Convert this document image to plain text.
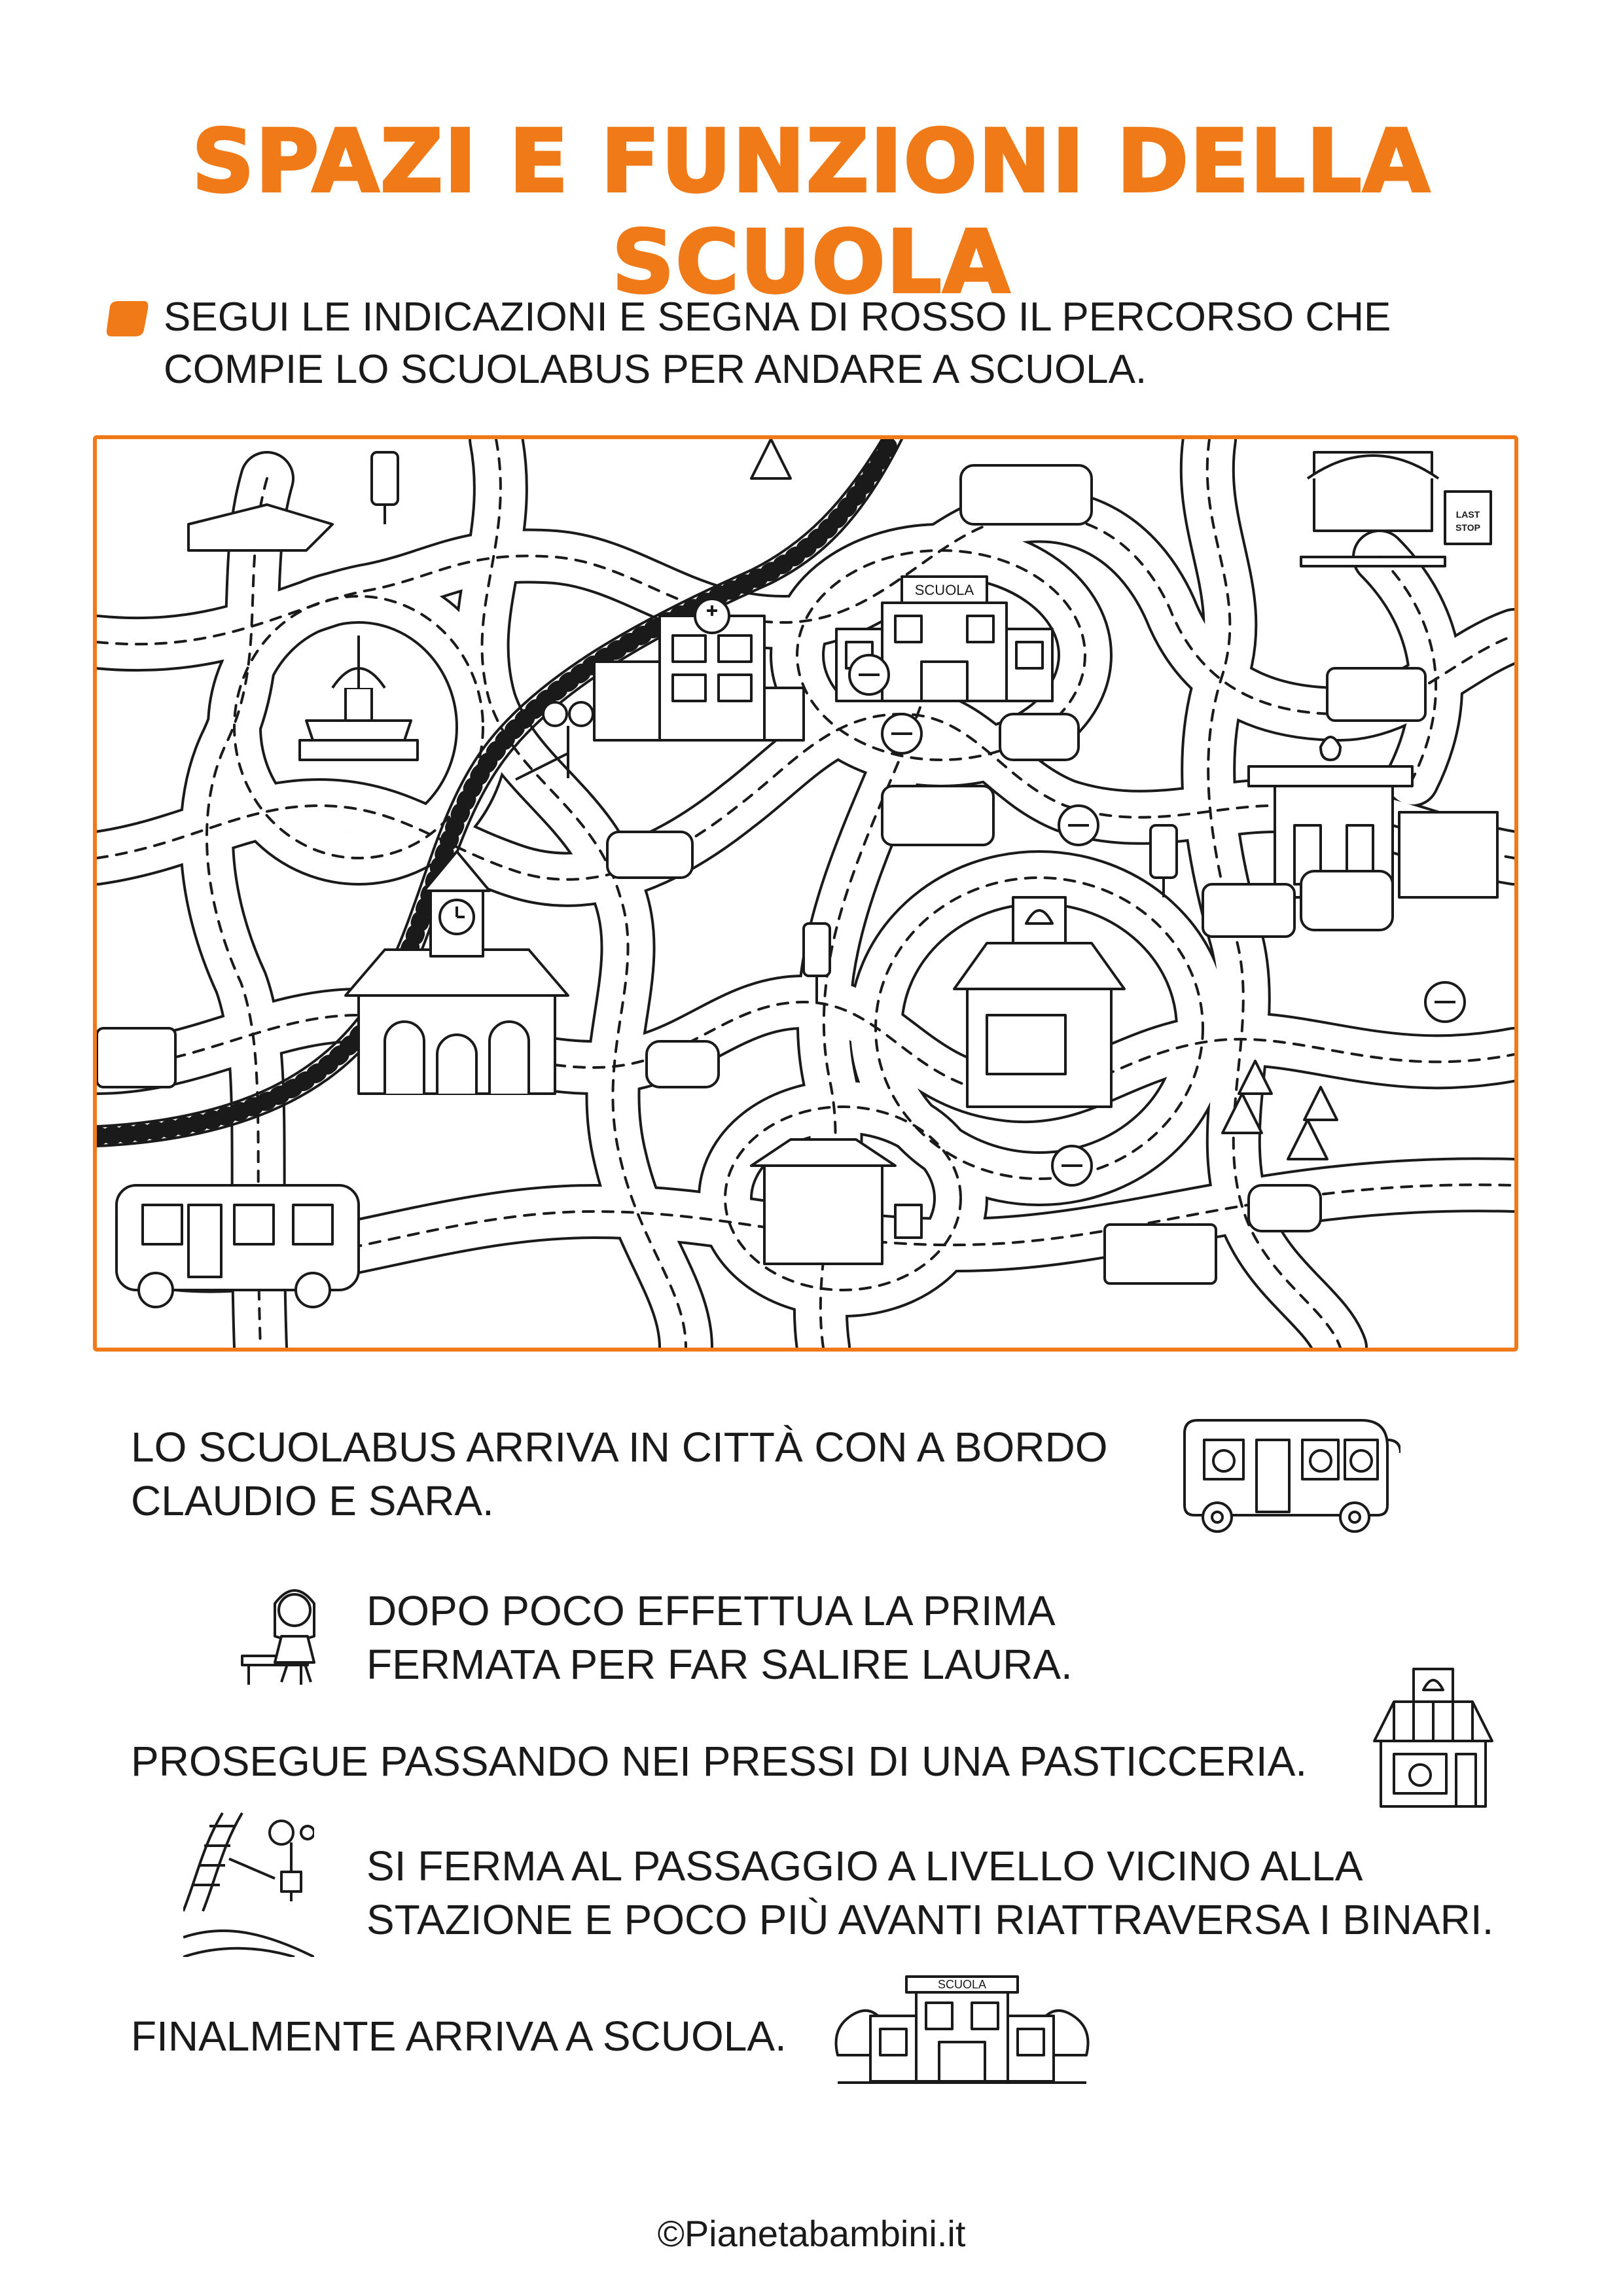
SPAZI E FUNZIONI DELLA SCUOLA
SEGUI LE INDICAZIONI E SEGNA DI ROSSO IL PERCORSO CHE
COMPIE LO SCUOLABUS PER ANDARE A SCUOLA.
SCUOLA
LAST
STOP
LO SCUOLABUS ARRIVA IN CITTÀ CON A BORDO
CLAUDIO E SARA.
DOPO POCO EFFETTUA LA PRIMA
FERMATA PER FAR SALIRE LAURA.
PROSEGUE PASSANDO NEI PRESSI DI UNA PASTICCERIA.
SI FERMA AL PASSAGGIO A LIVELLO VICINO ALLA
STAZIONE E POCO PIÙ AVANTI RIATTRAVERSA I BINARI.
FINALMENTE ARRIVA A SCUOLA.
SCUOLA
©Pianetabambini.it
